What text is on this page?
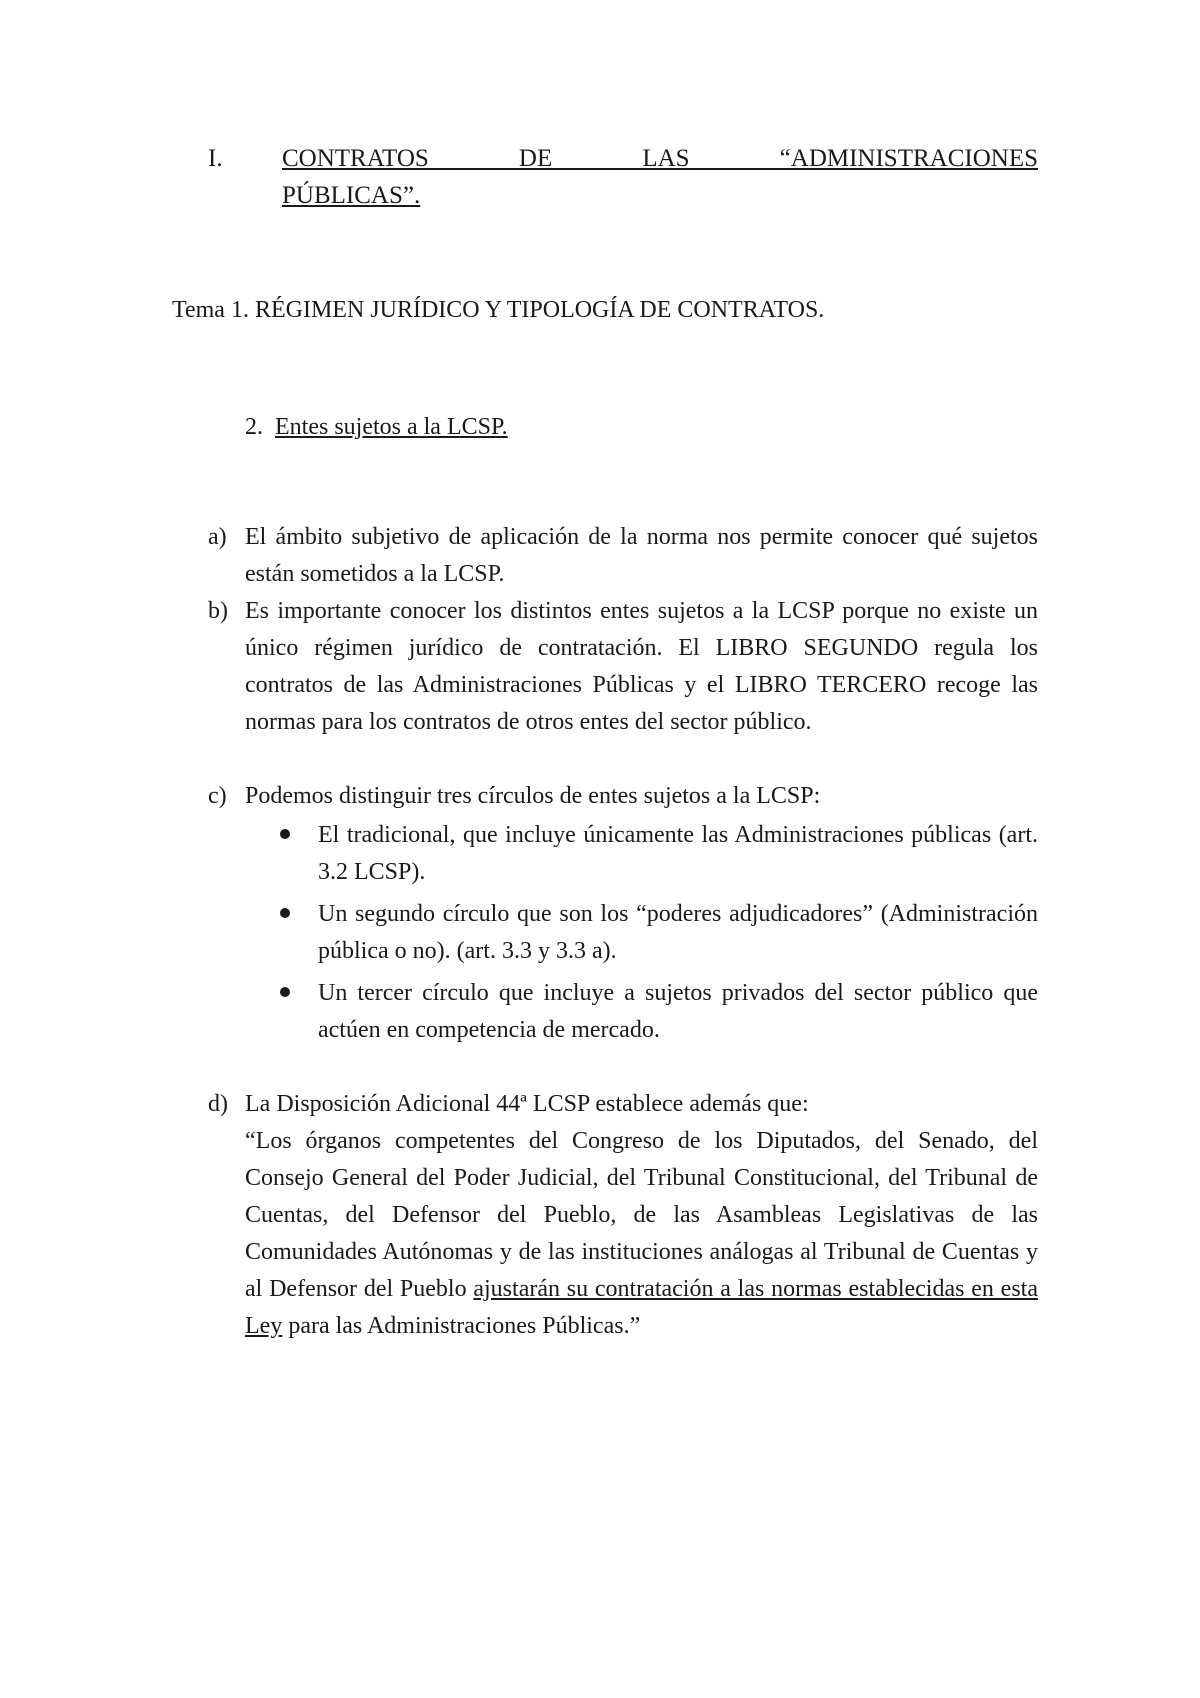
I. CONTRATOS DE LAS “ADMINISTRACIONES
PÚBLICAS”.
Tema 1. RÉGIMEN JURÍDICO Y TIPOLOGÍA DE CONTRATOS.
2. Entes sujetos a la LCSP.
a) El ámbito subjetivo de aplicación de la norma nos permite conocer qué sujetos están sometidos a la LCSP.
b) Es importante conocer los distintos entes sujetos a la LCSP porque no existe un único régimen jurídico de contratación. El LIBRO SEGUNDO regula los contratos de las Administraciones Públicas y el LIBRO TERCERO recoge las normas para los contratos de otros entes del sector público.
c) Podemos distinguir tres círculos de entes sujetos a la LCSP:
El tradicional, que incluye únicamente las Administraciones públicas (art. 3.2 LCSP).
Un segundo círculo que son los “poderes adjudicadores” (Administración pública o no). (art. 3.3 y 3.3 a).
Un tercer círculo que incluye a sujetos privados del sector público que actúen en competencia de mercado.
d) La Disposición Adicional 44ª LCSP establece además que:
“Los órganos competentes del Congreso de los Diputados, del Senado, del Consejo General del Poder Judicial, del Tribunal Constitucional, del Tribunal de Cuentas, del Defensor del Pueblo, de las Asambleas Legislativas de las Comunidades Autónomas y de las instituciones análogas al Tribunal de Cuentas y al Defensor del Pueblo ajustarán su contratación a las normas establecidas en esta Ley para las Administraciones Públicas.”
